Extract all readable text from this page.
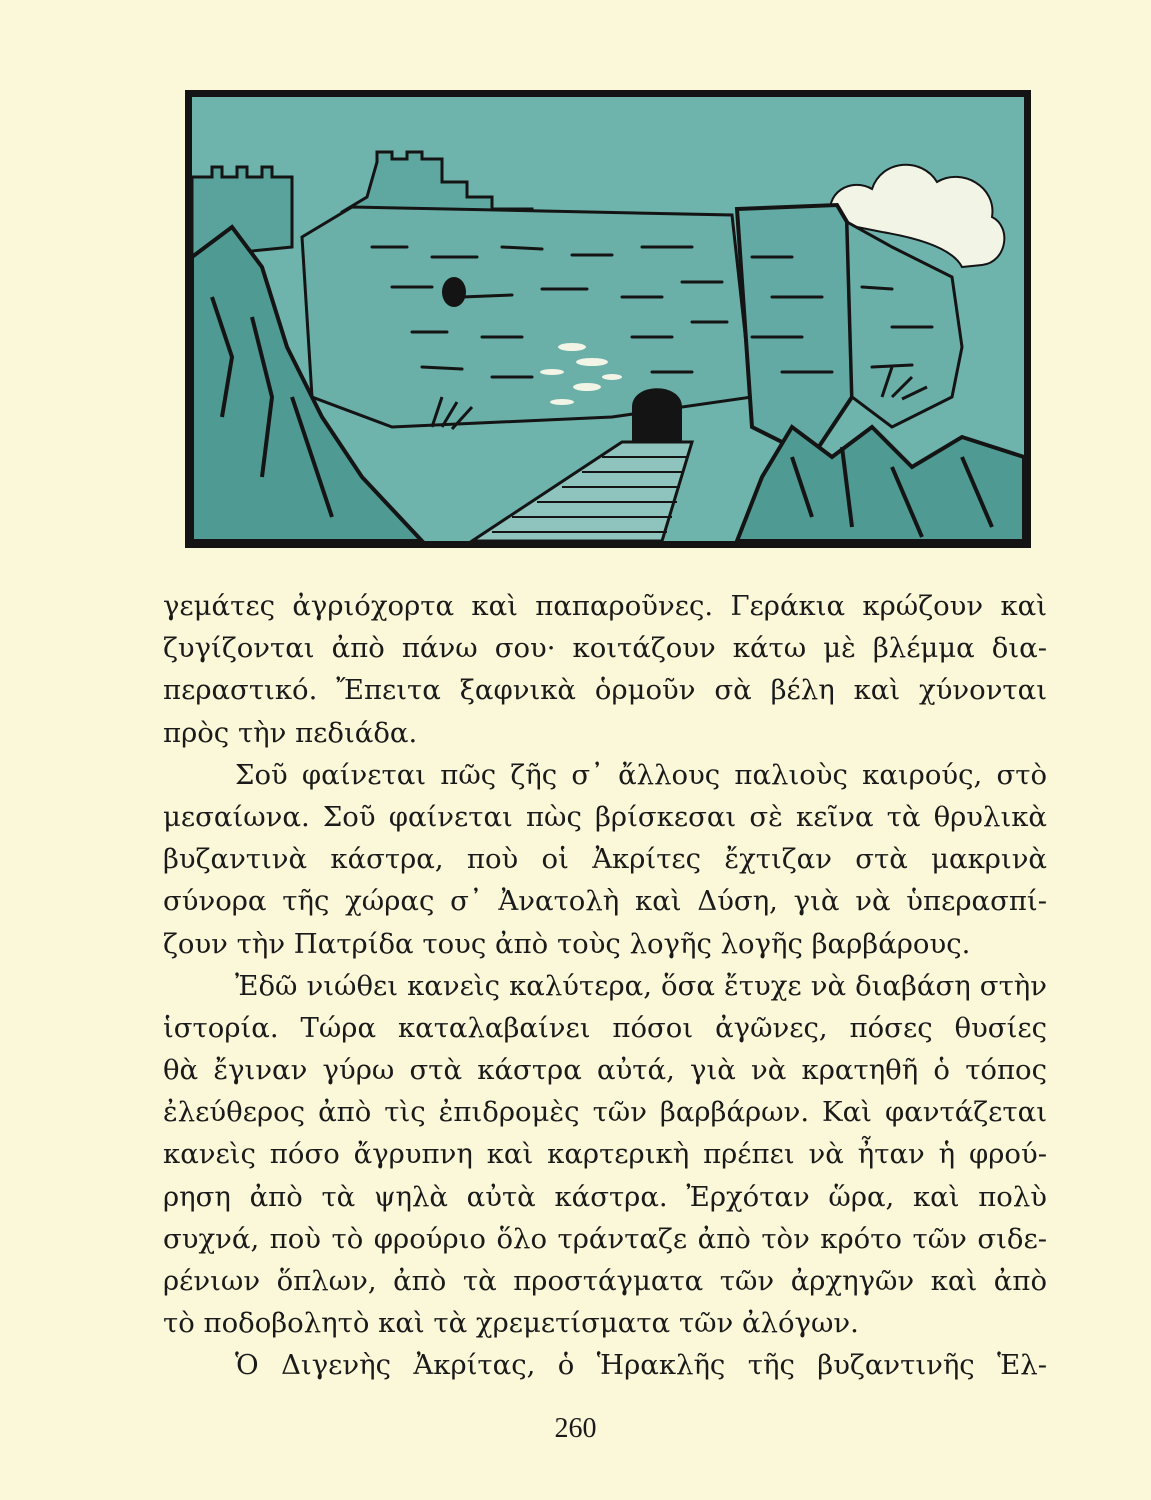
γεμάτες ἀγριόχορτα καὶ παπαροῦνες. Γεράκια κρώζουν καὶ
ζυγίζονται ἀπὸ πάνω σου· κοιτάζουν κάτω μὲ βλέμμα δια-
περαστικό. Ἔπειτα ξαφνικὰ ὁρμοῦν σὰ βέλη καὶ χύνονται
πρὸς τὴν πεδιάδα.
Σοῦ φαίνεται πῶς ζῆς σ᾿ ἄλλους παλιοὺς καιρούς, στὸ
μεσαίωνα. Σοῦ φαίνεται πὼς βρίσκεσαι σὲ κεῖνα τὰ θρυλικὰ
βυζαντινὰ κάστρα, ποὺ οἱ Ἀκρίτες ἔχτιζαν στὰ μακρινὰ
σύνορα τῆς χώρας σ᾿ Ἀνατολὴ καὶ Δύση, γιὰ νὰ ὑπερασπί-
ζουν τὴν Πατρίδα τους ἀπὸ τοὺς λογῆς λογῆς βαρβάρους.
Ἐδῶ νιώθει κανεὶς καλύτερα, ὅσα ἔτυχε νὰ διαβάση στὴν
ἱστορία. Τώρα καταλαβαίνει πόσοι ἀγῶνες, πόσες θυσίες
θὰ ἔγιναν γύρω στὰ κάστρα αὐτά, γιὰ νὰ κρατηθῆ ὁ τόπος
ἐλεύθερος ἀπὸ τὶς ἐπιδρομὲς τῶν βαρβάρων. Καὶ φαντάζεται
κανεὶς πόσο ἄγρυπνη καὶ καρτερικὴ πρέπει νὰ ἦταν ἡ φρού-
ρηση ἀπὸ τὰ ψηλὰ αὐτὰ κάστρα. Ἐρχόταν ὥρα, καὶ πολὺ
συχνά, ποὺ τὸ φρούριο ὅλο τράνταζε ἀπὸ τὸν κρότο τῶν σιδε-
ρένιων ὅπλων, ἀπὸ τὰ προστάγματα τῶν ἀρχηγῶν καὶ ἀπὸ
τὸ ποδοβολητὸ καὶ τὰ χρεμετίσματα τῶν ἀλόγων.
Ὁ Διγενὴς Ἀκρίτας, ὁ Ἡρακλῆς τῆς βυζαντινῆς Ἑλ-
260
